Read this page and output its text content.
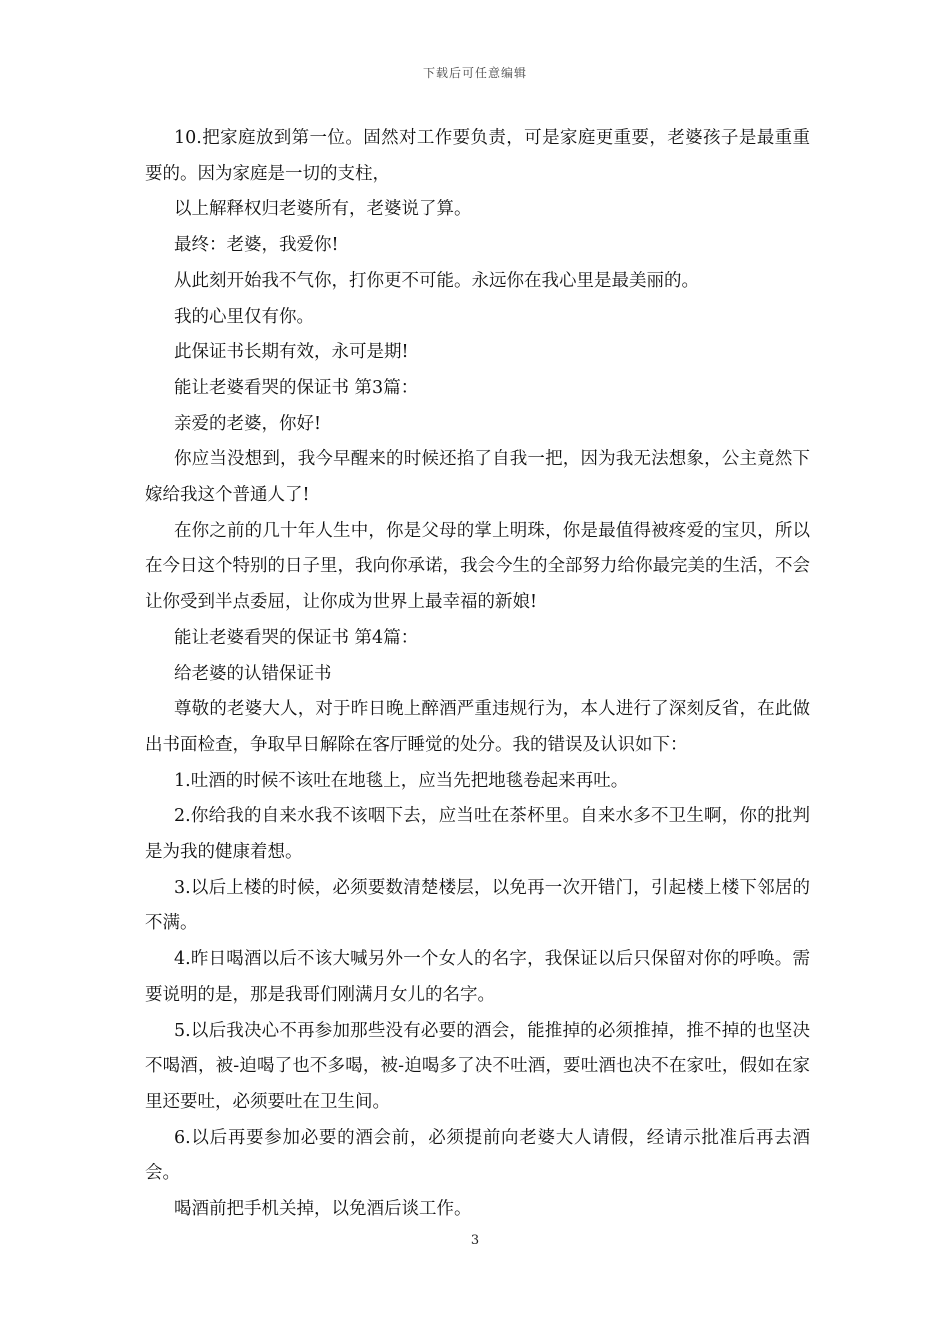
下载后可任意编辑

10.把家庭放到第一位。固然对工作要负责，可是家庭更重要，老婆孩子是最重重要的。因为家庭是一切的支柱，

以上解释权归老婆所有，老婆说了算。

最终：老婆，我爱你!

从此刻开始我不气你，打你更不可能。永远你在我心里是最美丽的。

我的心里仅有你。

此保证书长期有效，永可是期!

能让老婆看哭的保证书 第3篇：

亲爱的老婆，你好!

你应当没想到，我今早醒来的时候还掐了自我一把，因为我无法想象，公主竟然下嫁给我这个普通人了!

在你之前的几十年人生中，你是父母的掌上明珠，你是最值得被疼爱的宝贝，所以在今日这个特别的日子里，我向你承诺，我会今生的全部努力给你最完美的生活，不会让你受到半点委屈，让你成为世界上最幸福的新娘!

能让老婆看哭的保证书 第4篇：

给老婆的认错保证书

尊敬的老婆大人，对于昨日晚上醉酒严重违规行为，本人进行了深刻反省，在此做出书面检查，争取早日解除在客厅睡觉的处分。我的错误及认识如下：

1.吐酒的时候不该吐在地毯上，应当先把地毯卷起来再吐。

2.你给我的自来水我不该咽下去，应当吐在茶杯里。自来水多不卫生啊，你的批判是为我的健康着想。

3.以后上楼的时候，必须要数清楚楼层，以免再一次开错门，引起楼上楼下邻居的不满。

4.昨日喝酒以后不该大喊另外一个女人的名字，我保证以后只保留对你的呼唤。需要说明的是，那是我哥们刚满月女儿的名字。

5.以后我决心不再参加那些没有必要的酒会，能推掉的必须推掉，推不掉的也坚决不喝酒，被-迫喝了也不多喝，被-迫喝多了决不吐酒，要吐酒也决不在家吐，假如在家里还要吐，必须要吐在卫生间。

6.以后再要参加必要的酒会前，必须提前向老婆大人请假，经请示批准后再去酒会。

喝酒前把手机关掉，以免酒后谈工作。

3
